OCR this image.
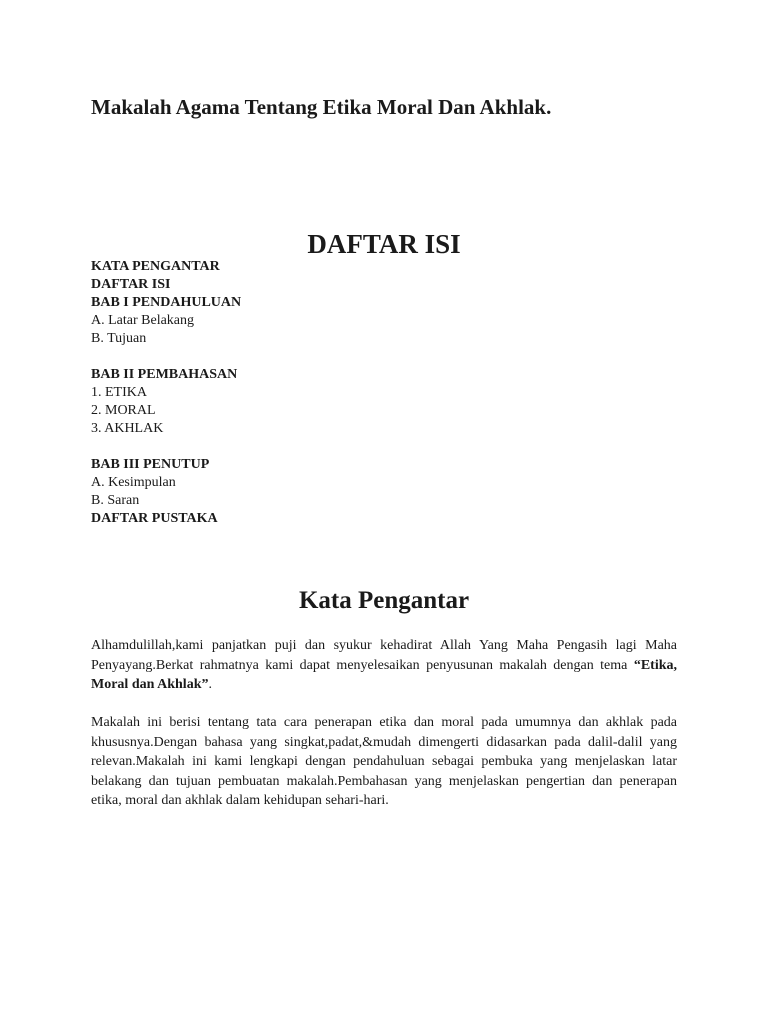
Makalah Agama Tentang Etika Moral Dan Akhlak.
DAFTAR ISI
KATA PENGANTAR
DAFTAR ISI
BAB I PENDAHULUAN
A. Latar Belakang
B. Tujuan
BAB II PEMBAHASAN
1. ETIKA
2. MORAL
3. AKHLAK
BAB III PENUTUP
A. Kesimpulan
B. Saran
DAFTAR PUSTAKA
Kata Pengantar

Alhamdulillah,kami panjatkan puji dan syukur kehadirat Allah Yang Maha Pengasih lagi Maha Penyayang.Berkat rahmatnya kami dapat menyelesaikan penyusunan makalah dengan tema “Etika, Moral dan Akhlak”.

Makalah ini berisi tentang tata cara penerapan etika dan moral pada umumnya dan akhlak pada khususnya.Dengan bahasa yang singkat,padat,&mudah dimengerti didasarkan pada dalil-dalil yang relevan.Makalah ini kami lengkapi dengan pendahuluan sebagai pembuka yang menjelaskan latar belakang dan tujuan pembuatan makalah.Pembahasan yang menjelaskan pengertian dan penerapan etika, moral dan akhlak dalam kehidupan sehari-hari.
